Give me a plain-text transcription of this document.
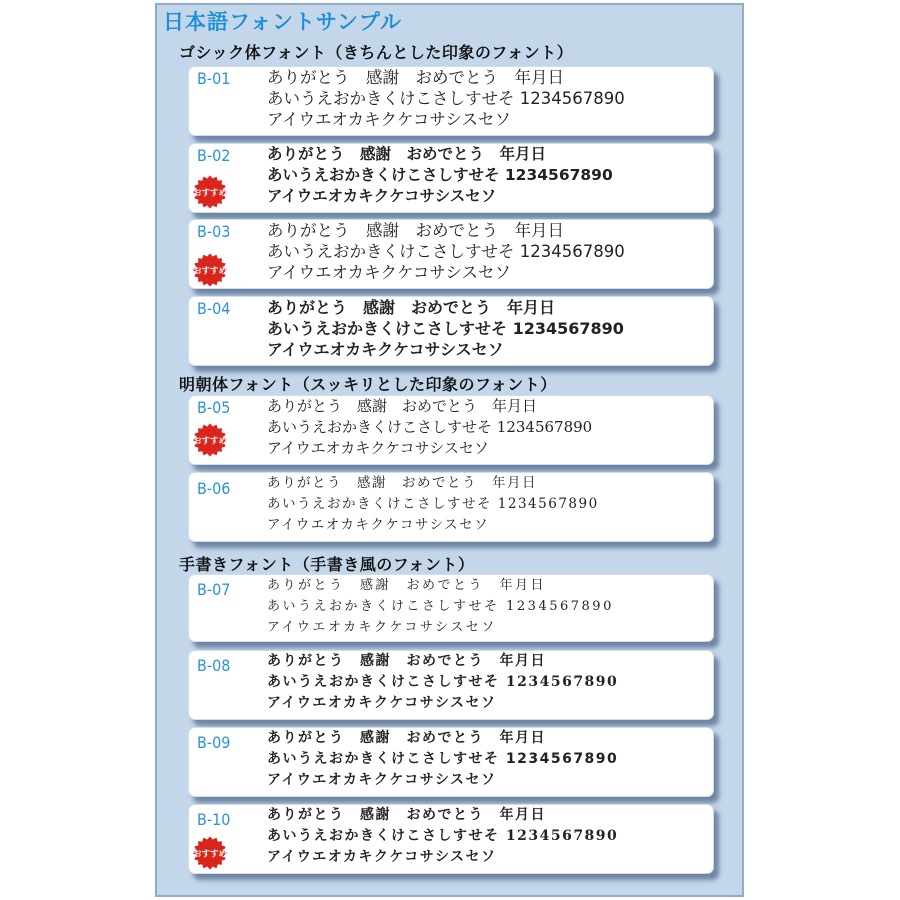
日本語フォントサンプル
ゴシック体フォント（きちんとした印象のフォント）
明朝体フォント（スッキリとした印象のフォント）
手書きフォント（手書き風のフォント）
B-01 ありがとう　感謝　おめでとう　年月日
あいうえおかきくけこさしすせそ 1234567890
アイウエオカキクケコサシスセソ
B-02
おすすめ
ありがとう　感謝　おめでとう　年月日
あいうえおかきくけこさしすせそ 1234567890
アイウエオカキクケコサシスセソ
B-03
おすすめ
ありがとう　感謝　おめでとう　年月日
あいうえおかきくけこさしすせそ 1234567890
アイウエオカキクケコサシスセソ
B-04 ありがとう　感謝　おめでとう　年月日
あいうえおかきくけこさしすせそ 1234567890
アイウエオカキクケコサシスセソ
B-05
おすすめ
ありがとう　感謝　おめでとう　年月日
あいうえおかきくけこさしすせそ 1234567890
アイウエオカキクケコサシスセソ
B-06	ありがとう　感謝　おめでとう　年月日
あいうえおかきくけこさしすせそ 1234567890
アイウエオカキクケコサシスセソ
B-07	ありがとう　感謝　おめでとう　年月日
あいうえおかきくけこさしすせそ 1234567890
アイウエオカキクケコサシスセソ
B-08	ありがとう　感謝　おめでとう　年月日
あいうえおかきくけこさしすせそ 1234567890
アイウエオカキクケコサシスセソ
B-09	ありがとう　感謝　おめでとう　年月日
あいうえおかきくけこさしすせそ 1234567890
アイウエオカキクケコサシスセソ
B-10
おすすめ
ありがとう　感謝　おめでとう　年月日
あいうえおかきくけこさしすせそ 1234567890
アイウエオカキクケコサシスセソ
